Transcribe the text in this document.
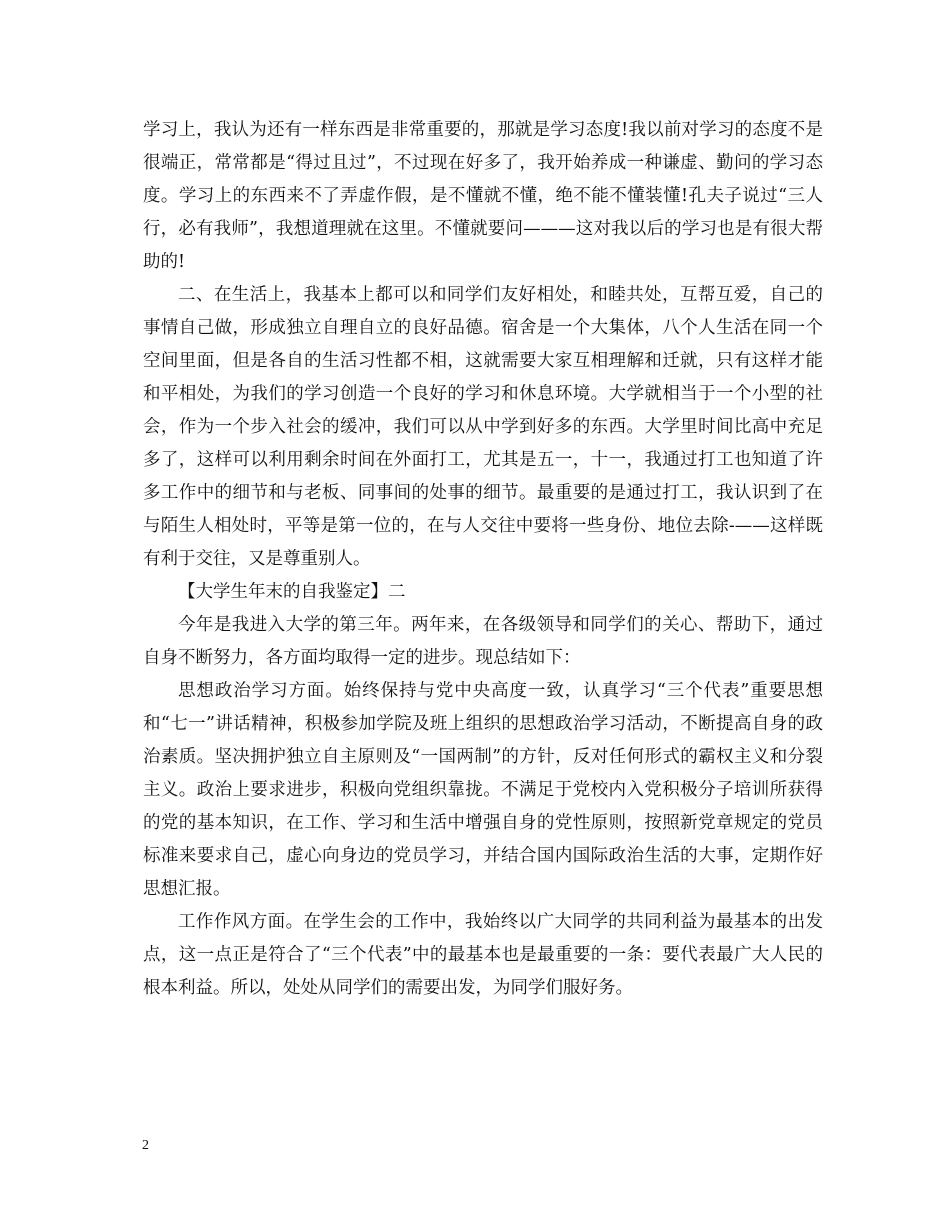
学习上，我认为还有一样东西是非常重要的，那就是学习态度!我以前对学习的态度不是很端正，常常都是“得过且过”，不过现在好多了，我开始养成一种谦虚、勤问的学习态度。学习上的东西来不了弄虚作假，是不懂就不懂，绝不能不懂装懂!孔夫子说过“三人行，必有我师”，我想道理就在这里。不懂就要问———这对我以后的学习也是有很大帮助的!

二、在生活上，我基本上都可以和同学们友好相处，和睦共处，互帮互爱，自己的事情自己做，形成独立自理自立的良好品德。宿舍是一个大集体，八个人生活在同一个空间里面，但是各自的生活习性都不相，这就需要大家互相理解和迁就，只有这样才能和平相处，为我们的学习创造一个良好的学习和休息环境。大学就相当于一个小型的社会，作为一个步入社会的缓冲，我们可以从中学到好多的东西。大学里时间比高中充足多了，这样可以利用剩余时间在外面打工，尤其是五一，十一，我通过打工也知道了许多工作中的细节和与老板、同事间的处事的细节。最重要的是通过打工，我认识到了在与陌生人相处时，平等是第一位的，在与人交往中要将一些身份、地位去除-——这样既有利于交往，又是尊重别人。

【大学生年末的自我鉴定】二

今年是我进入大学的第三年。两年来，在各级领导和同学们的关心、帮助下，通过自身不断努力，各方面均取得一定的进步。现总结如下：

思想政治学习方面。始终保持与党中央高度一致，认真学习“三个代表”重要思想和“七一”讲话精神，积极参加学院及班上组织的思想政治学习活动，不断提高自身的政治素质。坚决拥护独立自主原则及“一国两制”的方针，反对任何形式的霸权主义和分裂主义。政治上要求进步，积极向党组织靠拢。不满足于党校内入党积极分子培训所获得的党的基本知识，在工作、学习和生活中增强自身的党性原则，按照新党章规定的党员标准来要求自己，虚心向身边的党员学习，并结合国内国际政治生活的大事，定期作好思想汇报。

工作作风方面。在学生会的工作中，我始终以广大同学的共同利益为最基本的出发点，这一点正是符合了“三个代表”中的最基本也是最重要的一条：要代表最广大人民的根本利益。所以，处处从同学们的需要出发，为同学们服好务。

2
